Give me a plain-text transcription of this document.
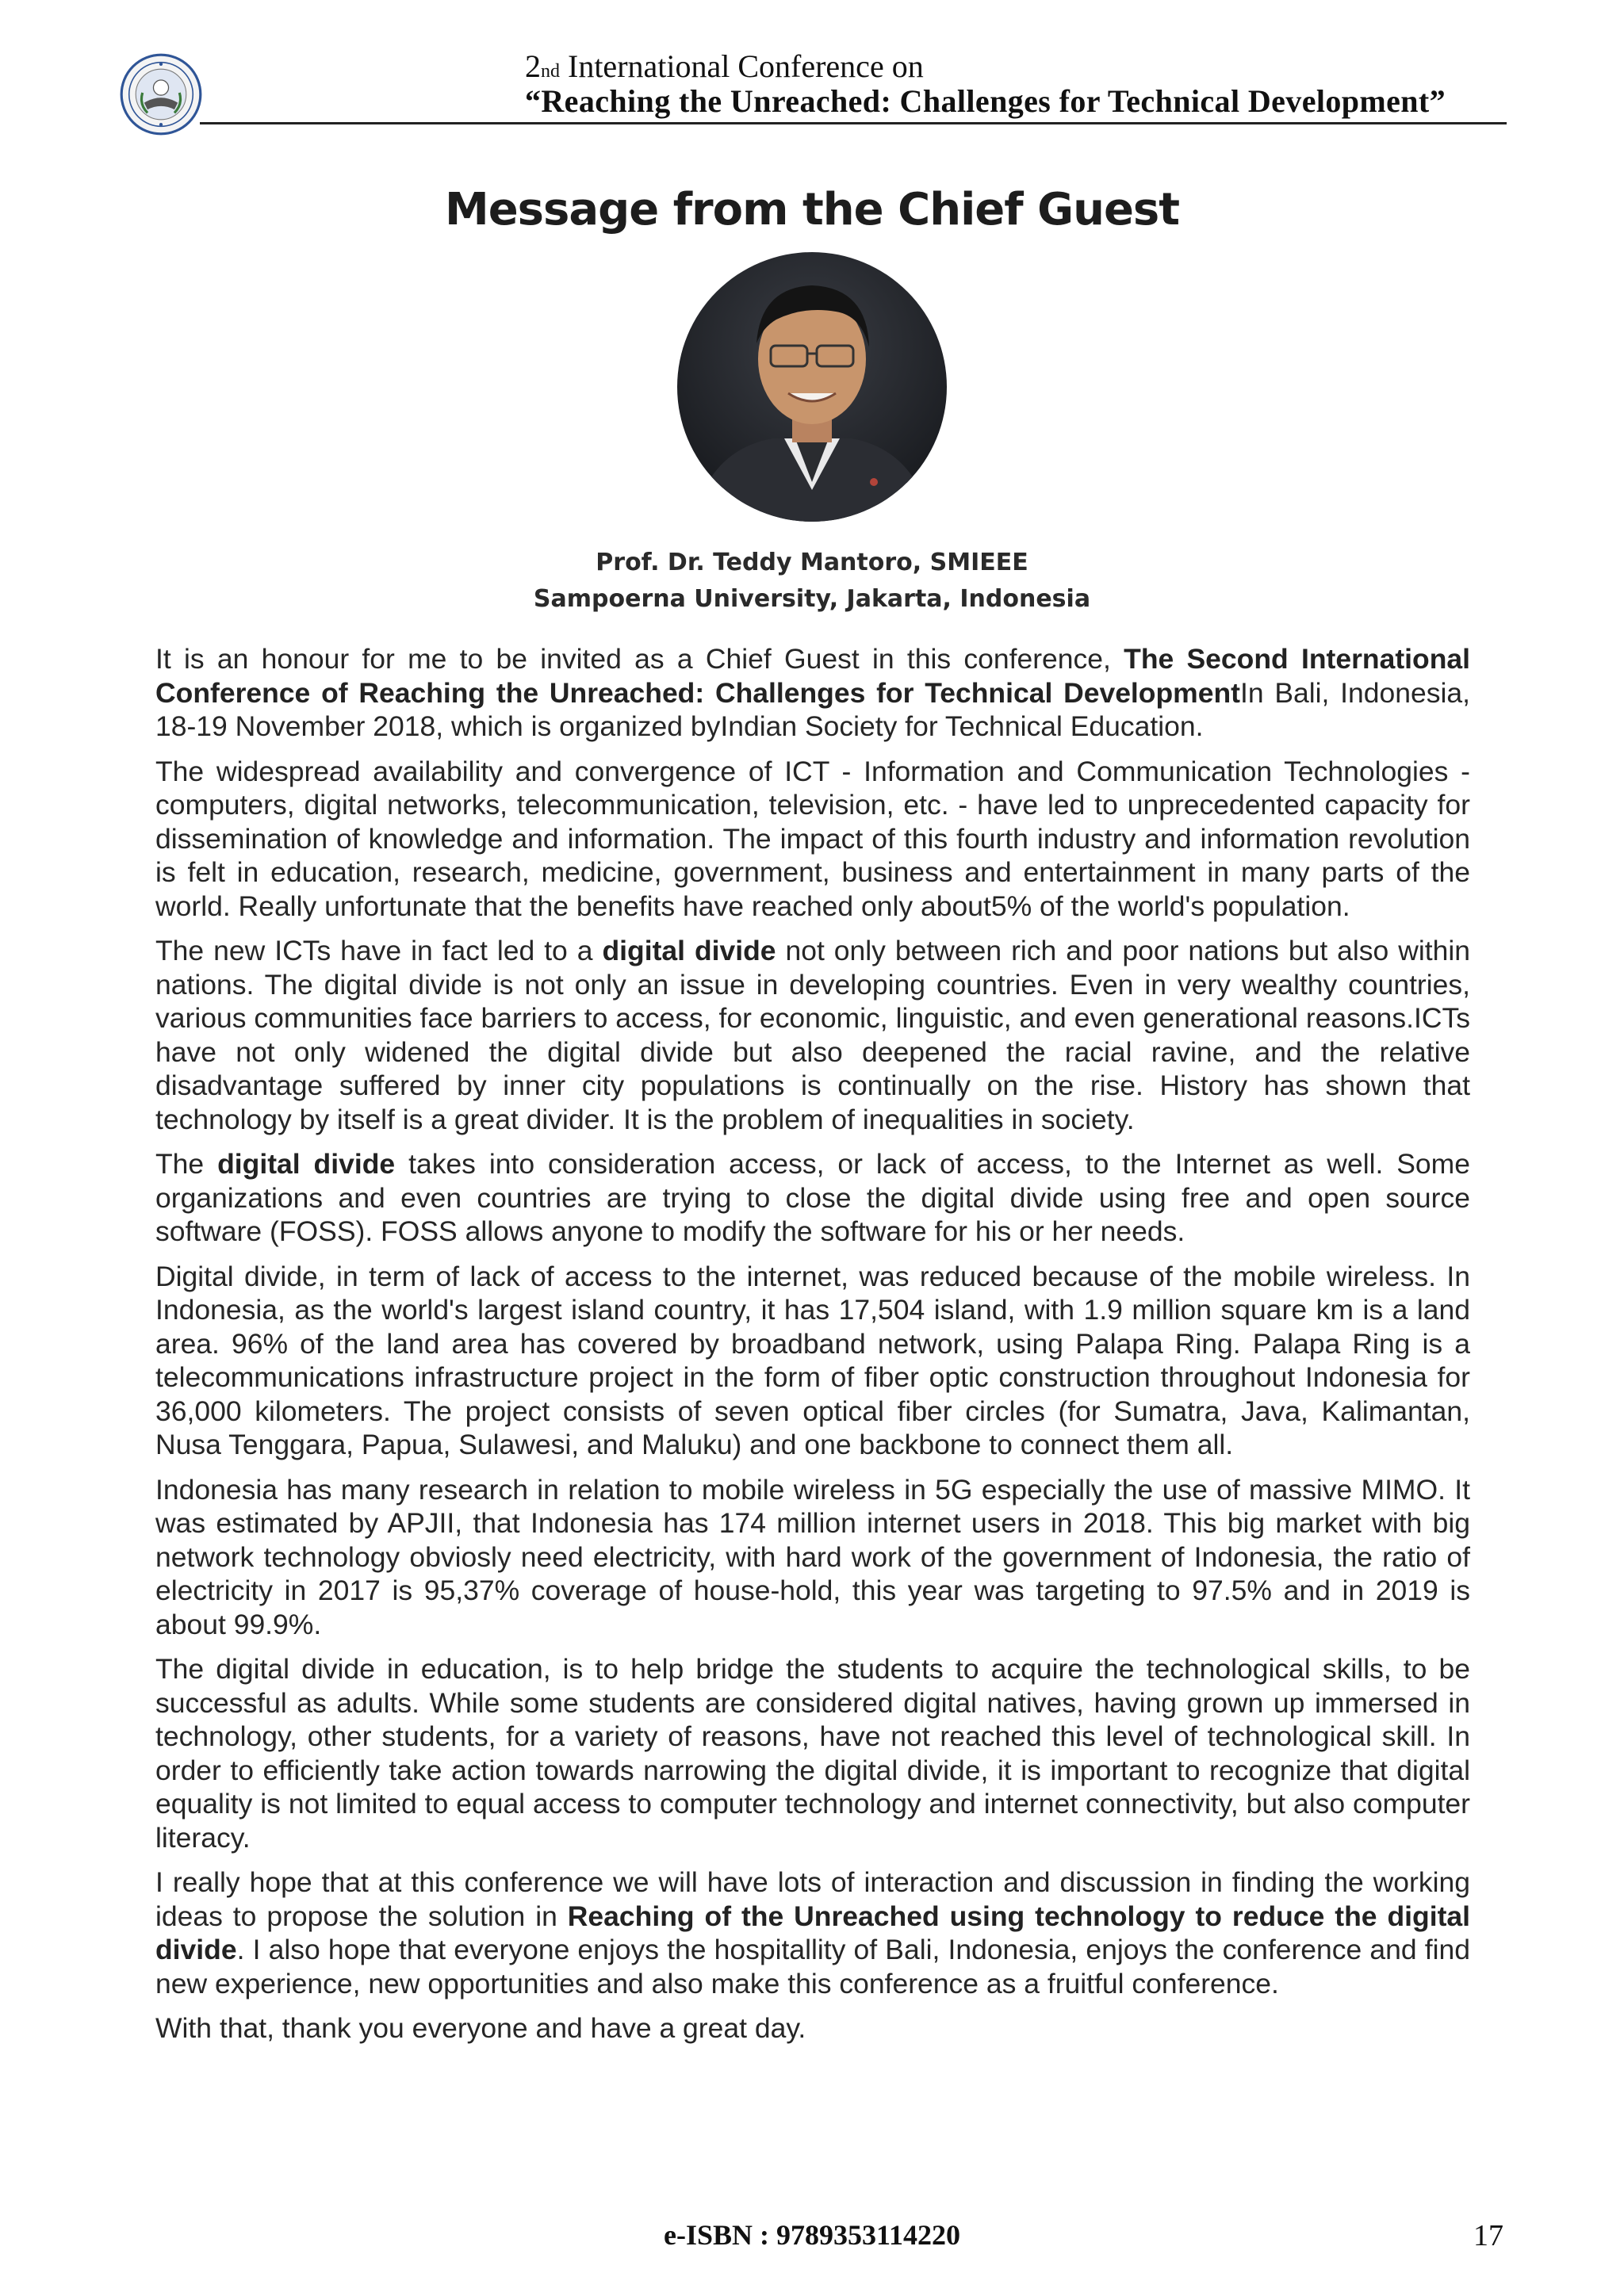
2nd International Conference on
“Reaching the Unreached: Challenges for Technical Development”
Message from the Chief Guest
Prof. Dr. Teddy Mantoro, SMIEEE
Sampoerna University, Jakarta, Indonesia

It is an honour for me to be invited as a Chief Guest in this conference, The Second International Conference of Reaching the Unreached: Challenges for Technical DevelopmentIn Bali, Indonesia, 18-19 November 2018, which is organized byIndian Society for Technical Education.

The widespread availability and convergence of ICT - Information and Communication Technologies -computers, digital networks, telecommunication, television, etc. - have led to unprecedented capacity for dissemination of knowledge and information. The impact of this fourth industry and information revolution is felt in education, research, medicine, government, business and entertainment in many parts of the world. Really unfortunate that the benefits have reached only about5% of the world's population.

The new ICTs have in fact led to a digital divide not only between rich and poor nations but also within nations. The digital divide is not only an issue in developing countries. Even in very wealthy countries, various communities face barriers to access, for economic, linguistic, and even generational reasons.ICTs have not only widened the digital divide but also deepened the racial ravine, and the relative disadvantage suffered by inner city populations is continually on the rise. History has shown that technology by itself is a great divider. It is the problem of inequalities in society.

The digital divide takes into consideration access, or lack of access, to the Internet as well. Some organizations and even countries are trying to close the digital divide using free and open source software (FOSS). FOSS allows anyone to modify the software for his or her needs.

Digital divide, in term of lack of access to the internet, was reduced because of the mobile wireless. In Indonesia, as the world's largest island country, it has 17,504 island, with 1.9 million square km is a land area. 96% of the land area has covered by broadband network, using Palapa Ring. Palapa Ring is a telecommunications infrastructure project in the form of fiber optic construction throughout Indonesia for 36,000 kilometers. The project consists of seven optical fiber circles (for Sumatra, Java, Kalimantan, Nusa Tenggara, Papua, Sulawesi, and Maluku) and one backbone to connect them all.

Indonesia has many research in relation to mobile wireless in 5G especially the use of massive MIMO. It was estimated by APJII, that Indonesia has 174 million internet users in 2018. This big market with big network technology obviosly need electricity, with hard work of the government of Indonesia, the ratio of electricity in 2017 is 95,37% coverage of house-hold, this year was targeting to 97.5% and in 2019 is about 99.9%.

The digital divide in education, is to help bridge the students to acquire the technological skills, to be successful as adults. While some students are considered digital natives, having grown up immersed in technology, other students, for a variety of reasons, have not reached this level of technological skill. In order to efficiently take action towards narrowing the digital divide, it is important to recognize that digital equality is not limited to equal access to computer technology and internet connectivity, but also computer literacy.

I really hope that at this conference we will have lots of interaction and discussion in finding the working ideas to propose the solution in Reaching of the Unreached using technology to reduce the digital divide. I also hope that everyone enjoys the hospitallity of Bali, Indonesia, enjoys the conference and find new experience, new opportunities and also make this conference as a fruitful conference.

With that, thank you everyone and have a great day.

e-ISBN : 9789353114220	17
